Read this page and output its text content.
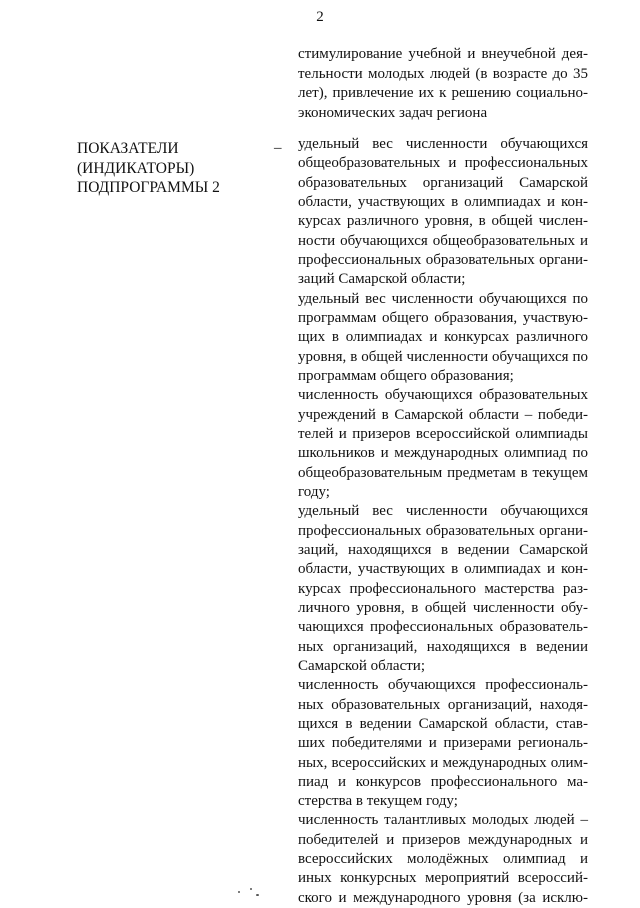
2
стимулирование учебной и внеучебной дея-
тельности молодых людей (в возрасте до 35
лет), привлечение их к решению социально-
экономических задач региона
ПОКАЗАТЕЛИ
(ИНДИКАТОРЫ)
ПОДПРОГРАММЫ 2
– удельный вес численности обучающихся
общеобразовательных и профессиональных
образовательных организаций Самарской
области, участвующих в олимпиадах и кон-
курсах различного уровня, в общей числен-
ности обучающихся общеобразовательных и
профессиональных образовательных органи-
заций Самарской области;
удельный вес численности обучающихся по
программам общего образования, участвую-
щих в олимпиадах и конкурсах различного
уровня, в общей численности обучащихся по
программам общего образования;
численность обучающихся образовательных
учреждений в Самарской области – победи-
телей и призеров всероссийской олимпиады
школьников и международных олимпиад по
общеобразовательным предметам в текущем
году;
удельный вес численности обучающихся
профессиональных образовательных органи-
заций, находящихся в ведении Самарской
области, участвующих в олимпиадах и кон-
курсах профессионального мастерства раз-
личного уровня, в общей численности обу-
чающихся профессиональных образователь-
ных организаций, находящихся в ведении
Самарской области;
численность обучающихся профессиональ-
ных образовательных организаций, находя-
щихся в ведении Самарской области, став-
ших победителями и призерами региональ-
ных, всероссийских и международных олим-
пиад и конкурсов профессионального ма-
стерства в текущем году;
численность талантливых молодых людей –
победителей и призеров международных и
всероссийских молодёжных олимпиад и
иных конкурсных мероприятий всероссий-
ского и международного уровня (за исклю-
